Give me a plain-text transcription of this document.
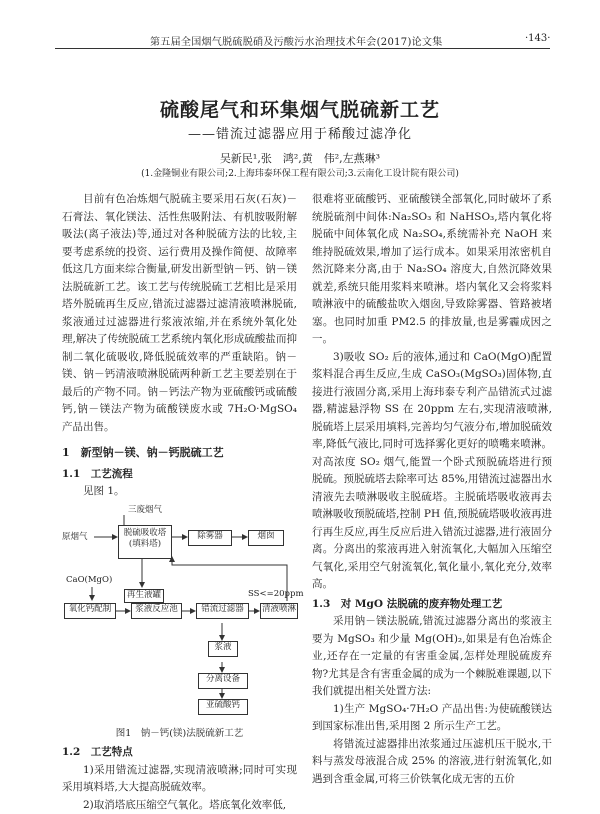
第五届全国烟气脱硫脱硝及污酸污水治理技术年会(2017)论文集	·143·
硫酸尾气和环集烟气脱硫新工艺
——错流过滤器应用于稀酸过滤净化
吴新民¹,张　鸿²,黄　伟²,左燕琳³
(1.金隆铜业有限公司;2.上海玮泰环保工程有限公司;3.云南化工设计院有限公司)

目前有色冶炼烟气脱硫主要采用石灰(石灰)－石膏法、氧化镁法、活性焦吸附法、有机胺吸附解吸法(离子液法)等,通过对各种脱硫方法的比较,主要考虑系统的投资、运行费用及操作简便、故障率低这几方面来综合衡量,研发出新型钠－钙、钠－镁法脱硫新工艺。该工艺与传统脱硫工艺相比是采用塔外脱硫再生反应,错流过滤器过滤清液喷淋脱硫,浆液通过过滤器进行浆液浓缩,并在系统外氧化处理,解决了传统脱硫工艺系统内氧化形成硫酸盐而抑制二氧化硫吸收,降低脱硫效率的严重缺陷。钠－镁、钠－钙清液喷淋脱硫两种新工艺主要差别在于最后的产物不同。钠－钙法产物为亚硫酸钙或硫酸钙,钠－镁法产物为硫酸镁废水或 7H₂O·MgSO₄ 产品出售。

1　新型钠－镁、钠－钙脱硫工艺

1.1　工艺流程

见图 1。

三废烟气
原烟气	脱硫吸收塔(填料塔)
除雾器	烟囱
CaO(MgO)
再生液罐
氧化钙配制	浆液反应池	错流过滤器	清液喷淋
SS<=20ppm
浆液
分离设备
亚硫酸钙

图1　钠－钙(镁)法脱硫新工艺

1.2　工艺特点

1)采用错流过滤器,实现清液喷淋;同时可实现采用填料塔,大大提高脱硫效率。

2)取消塔底压缩空气氧化。塔底氧化效率低,

很难将亚硫酸钙、亚硫酸镁全部氧化,同时破坏了系统脱硫剂中间体:Na₂SO₃ 和 NaHSO₃,塔内氧化将脱硫中间体氧化成 Na₂SO₄,系统需补充 NaOH 来维持脱硫效果,增加了运行成本。如果采用浓密机自然沉降来分离,由于 Na₂SO₄ 溶度大,自然沉降效果就差,系统只能用浆料来喷淋。塔内氧化又会将浆料喷淋液中的硫酸盐吹入烟囱,导致除雾器、管路被堵塞。也同时加重 PM2.5 的排放量,也是雾霾成因之一。

3)吸收 SO₂ 后的液体,通过和 CaO(MgO)配置浆料混合再生反应,生成 CaSO₃(MgSO₃)固体物,直接进行液固分离,采用上海玮泰专利产品错流式过滤器,精滤悬浮物 SS 在 20ppm 左右,实现清液喷淋,脱硫塔上层采用填料,完善均匀气液分布,增加脱硫效率,降低气液比,同时可选择雾化更好的喷嘴来喷淋。对高浓度 SO₂ 烟气,能置一个卧式预脱硫塔进行预脱硫。预脱硫塔去除率可达 85%,用错流过滤器出水清液先去喷淋吸收主脱硫塔。主脱硫塔吸收液再去喷淋吸收预脱硫塔,控制 PH 值,预脱硫塔吸收液再进行再生反应,再生反应后进入错流过滤器,进行液固分离。分离出的浆液再进入射流氧化,大幅加入压缩空气氧化,采用空气射流氧化,氧化量小,氧化充分,效率高。

1.3　对 MgO 法脱硫的废弃物处理工艺

采用钠－镁法脱硫,错流过滤器分离出的浆液主要为 MgSO₃ 和少量 Mg(OH)₂,如果是有色冶炼企业,还存在一定量的有害重金属,怎样处理脱硫废弃物?尤其是含有害重金属的成为一个棘脱难课题,以下我们就提出相关处置方法:

1)生产 MgSO₄·7H₂O 产品出售:为使硫酸镁达到国家标准出售,采用图 2 所示生产工艺。

将错流过滤器排出浓浆通过压滤机压干脱水,干料与蒸发母液混合成 25% 的溶液,进行射流氧化,如遇到含重金属,可将三价铁氧化成无害的五价
